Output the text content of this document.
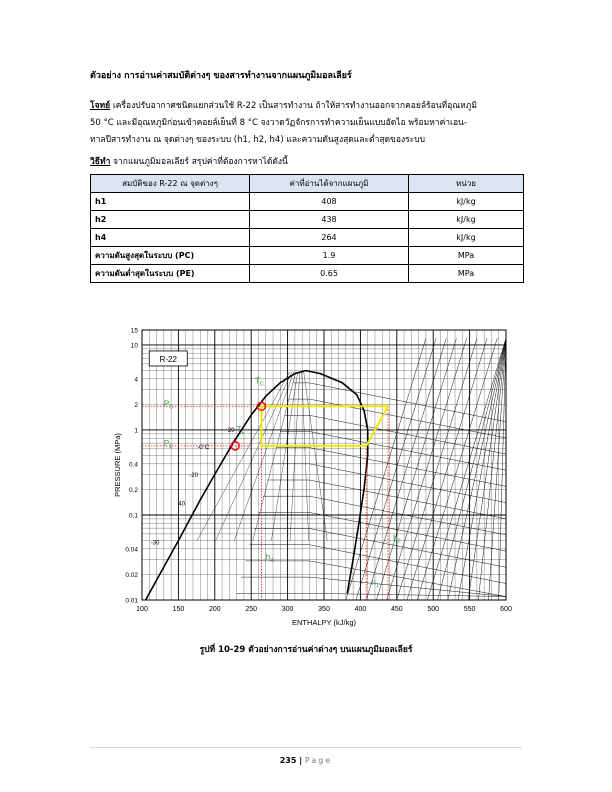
ตัวอย่าง การอ่านค่าสมบัติต่างๆ ของสารทำงานจากแผนภูมิมอลเลียร์
โจทย์ เครื่องปรับอากาศชนิดแยกส่วนใช้ R-22 เป็นสารทำงาน ถ้าให้สารทำงานออกจากคอยล์ร้อนที่อุณหภูมิ
50 °C และมีอุณหภูมิก่อนเข้าคอยล์เย็นที่ 8 °C จงวาดวัฏจักรการทำความเย็นแบบอัดไอ พร้อมหาค่าเอน-
ทาลปีสารทำงาน ณ จุดต่างๆ ของระบบ (h1, h2, h4) และความดันสูงสุดและต่ำสุดของระบบ
วิธีทำ จากแผนภูมิมอลเลียร์ สรุปค่าที่ต้องการหาได้ดังนี้
สมบัติของ R-22 ณ จุดต่างๆ	ค่าที่อ่านได้จากแผนภูมิ	หน่วย
h1	408	kJ/kg
h2	438	kJ/kg
h4	264	kJ/kg
ความดันสูงสุดในระบบ (PC)	1.9	MPa
ความดันต่ำสุดในระบบ (PE)	0.65	MPa
100	150	200	250	300	350	400	450	500	550	600
0.01
0.02
0.04
0.1
0.2
0.4
1
2
4
10
15
ENTHALPY (kJ/kg)
PRESSURE (MPa)
R-22
$T_C$
$P_C$
$T_E$
$P_E$
$h_4$
$h_1$
$h_2$
20
-20
-30
40
-0°C
รูปที่ 10-29 ตัวอย่างการอ่านค่าต่างๆ บนแผนภูมิมอลเลียร์
235 | Page
